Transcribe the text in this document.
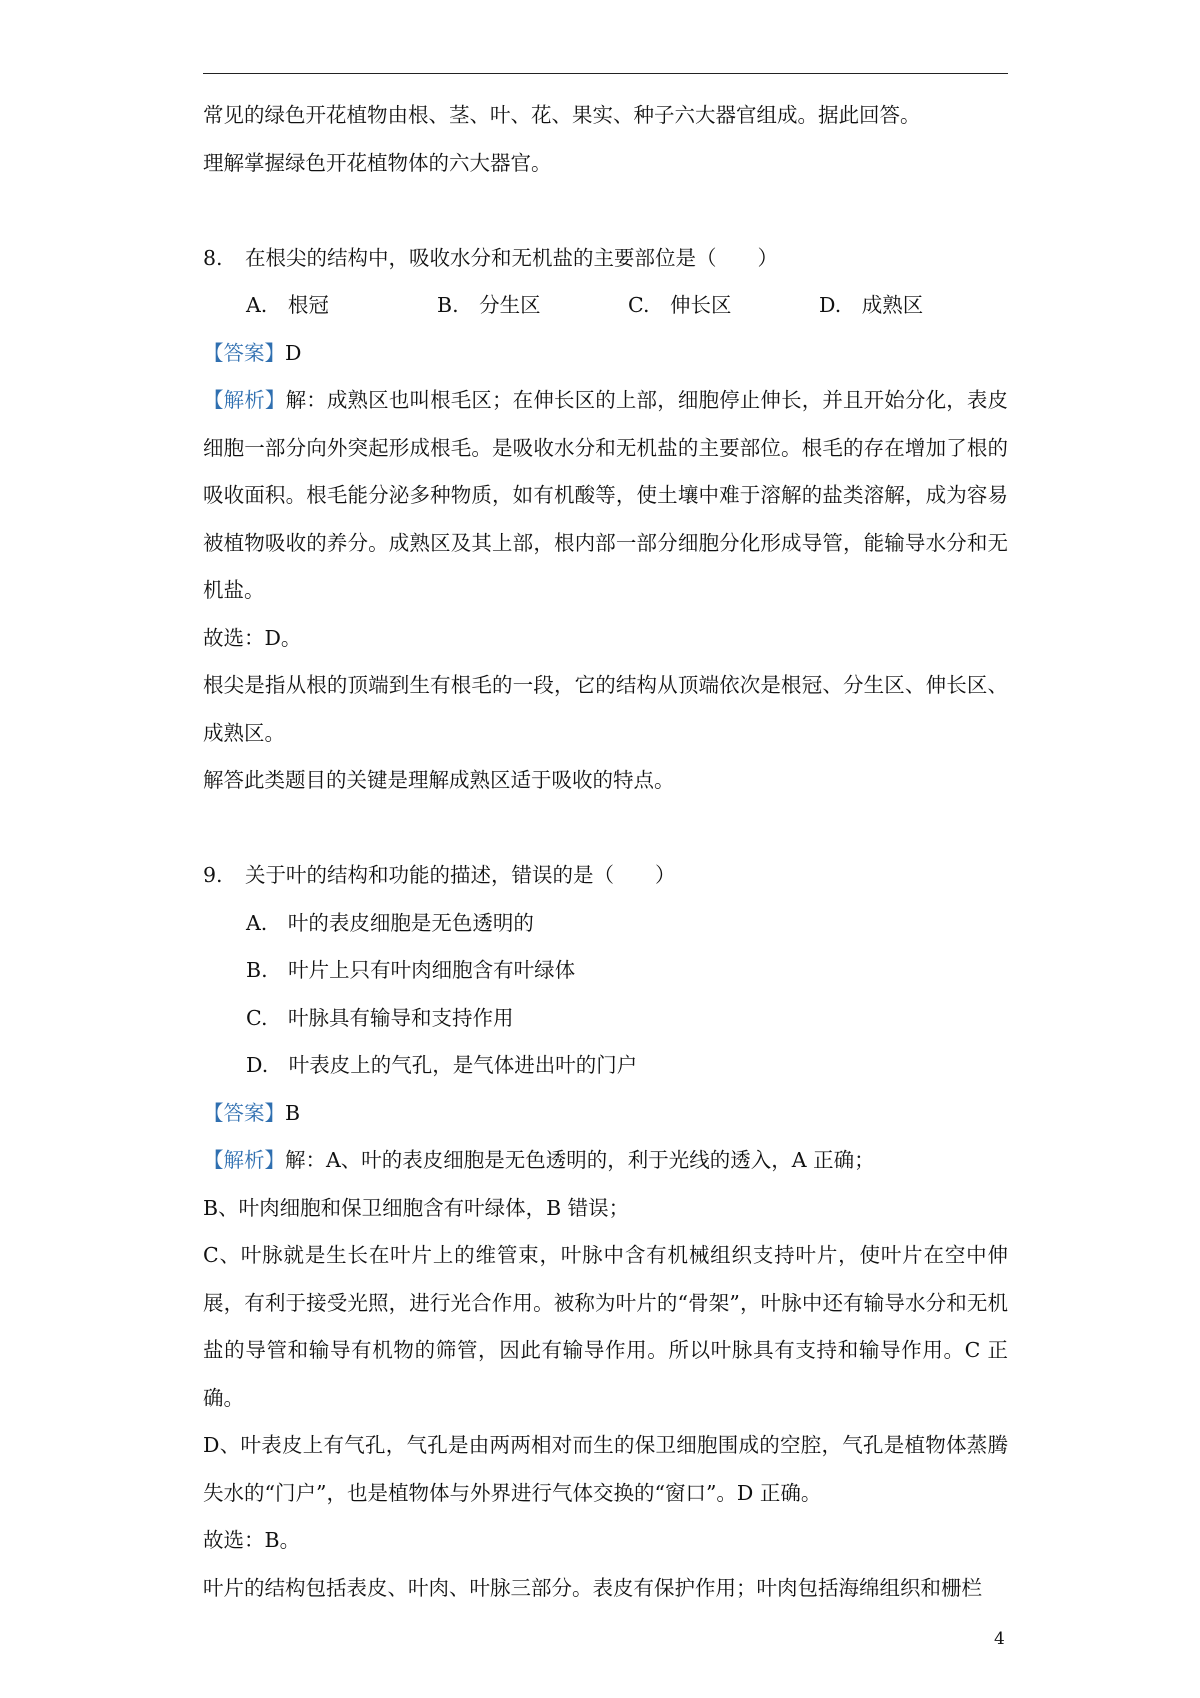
常见的绿色开花植物由根、茎、叶、花、果实、种子六大器官组成。据此回答。

理解掌握绿色开花植物体的六大器官。

8. 在根尖的结构中，吸收水分和无机盐的主要部位是（　　）

A.　根冠	B.　分生区	C.　伸长区	D.　成熟区

【答案】D

【解析】解：成熟区也叫根毛区；在伸长区的上部，细胞停止伸长，并且开始分化，表皮细胞一部分向外突起形成根毛。是吸收水分和无机盐的主要部位。根毛的存在增加了根的吸收面积。根毛能分泌多种物质，如有机酸等，使土壤中难于溶解的盐类溶解，成为容易被植物吸收的养分。成熟区及其上部，根内部一部分细胞分化形成导管，能输导水分和无机盐。

故选：D。

根尖是指从根的顶端到生有根毛的一段，它的结构从顶端依次是根冠、分生区、伸长区、成熟区。

解答此类题目的关键是理解成熟区适于吸收的特点。

9. 关于叶的结构和功能的描述，错误的是（　　）

A.　叶的表皮细胞是无色透明的

B.　叶片上只有叶肉细胞含有叶绿体

C.　叶脉具有输导和支持作用

D.　叶表皮上的气孔，是气体进出叶的门户

【答案】B

【解析】解：A、叶的表皮细胞是无色透明的，利于光线的透入，A 正确；

B、叶肉细胞和保卫细胞含有叶绿体，B 错误；

C、叶脉就是生长在叶片上的维管束，叶脉中含有机械组织支持叶片，使叶片在空中伸展，有利于接受光照，进行光合作用。被称为叶片的“骨架”，叶脉中还有输导水分和无机盐的导管和输导有机物的筛管，因此有输导作用。所以叶脉具有支持和输导作用。C 正确。

D、叶表皮上有气孔，气孔是由两两相对而生的保卫细胞围成的空腔，气孔是植物体蒸腾失水的“门户”，也是植物体与外界进行气体交换的“窗口”。D 正确。

故选：B。

叶片的结构包括表皮、叶肉、叶脉三部分。表皮有保护作用；叶肉包括海绵组织和栅栏

4
